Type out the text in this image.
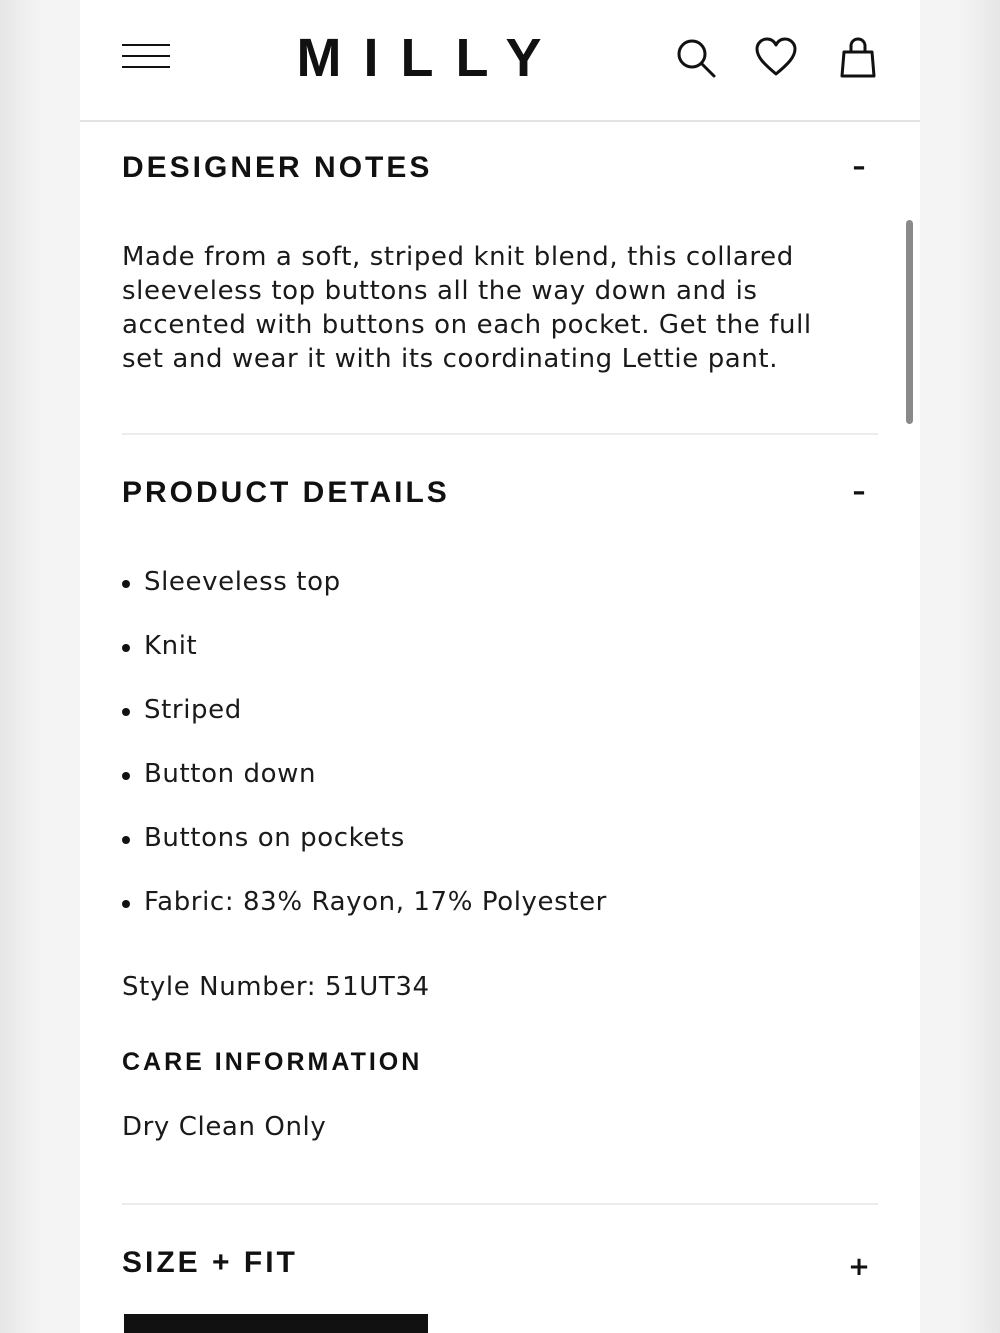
MILLY
DESIGNER NOTES	–
Made from a soft, striped knit blend, this collared sleeveless top buttons all the way down and is accented with buttons on each pocket. Get the full set and wear it with its coordinating Lettie pant.
PRODUCT DETAILS	–
Sleeveless top
Knit
Striped
Button down
Buttons on pockets
Fabric: 83% Rayon, 17% Polyester
Style Number: 51UT34
CARE INFORMATION
Dry Clean Only
SIZE + FIT	+
